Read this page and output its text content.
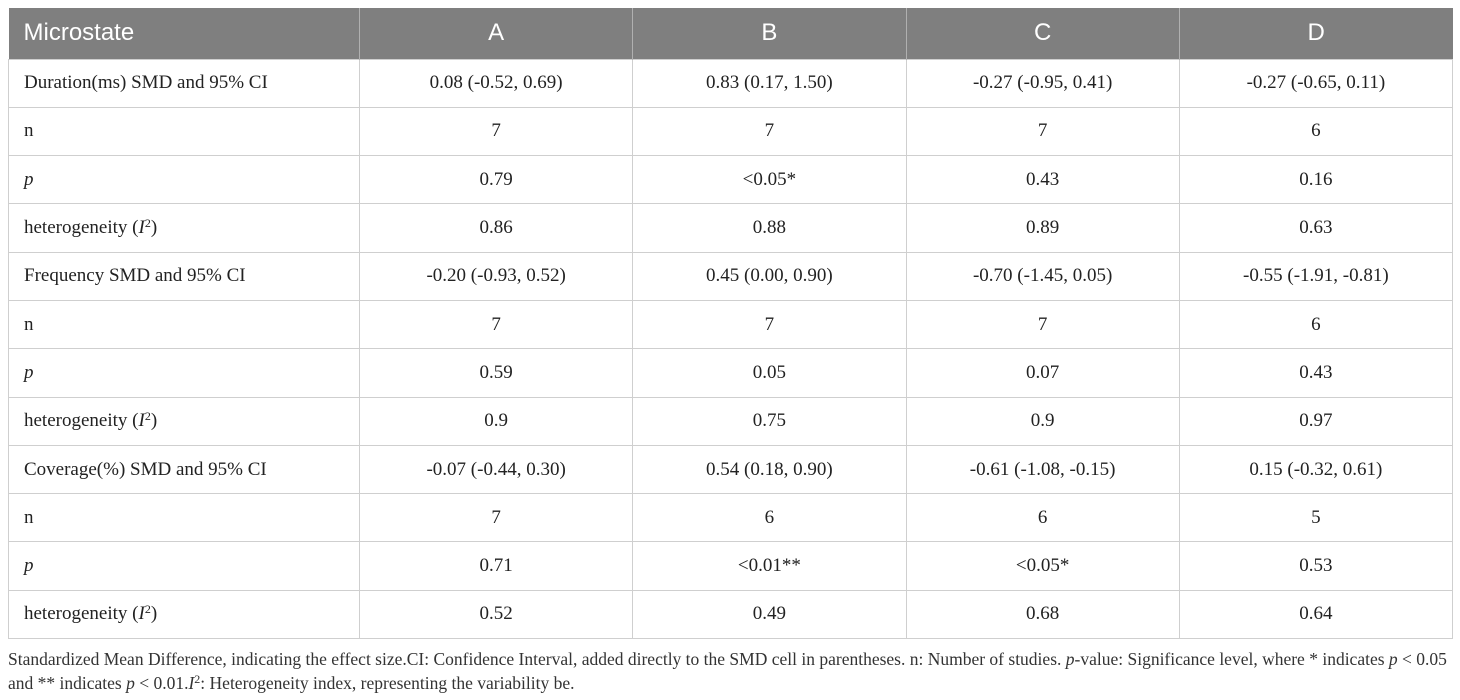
Microstate	A	B	C	D
Duration(ms) SMD and 95% CI	0.08 (-0.52, 0.69)	0.83 (0.17, 1.50)	-0.27 (-0.95, 0.41)	-0.27 (-0.65, 0.11)
n	7	7	7	6
p	0.79	<0.05*	0.43	0.16
heterogeneity $(I^2)$	0.86	0.88	0.89	0.63
Frequency SMD and 95% CI	-0.20 (-0.93, 0.52)	0.45 (0.00, 0.90)	-0.70 (-1.45, 0.05)	-0.55 (-1.91, -0.81)
n	7	7	7	6
p	0.59	0.05	0.07	0.43
heterogeneity $(I^2)$	0.9	0.75	0.9	0.97
Coverage(%) SMD and 95% CI	-0.07 (-0.44, 0.30)	0.54 (0.18, 0.90)	-0.61 (-1.08, -0.15)	0.15 (-0.32, 0.61)
n	7	6	6	5
p	0.71	<0.01**	<0.05*	0.53
heterogeneity $(I^2)$	0.52	0.49	0.68	0.64
Standardized Mean Difference, indicating the effect size.CI: Confidence Interval, added directly to the SMD cell in parentheses. n: Number of studies. p-value: Significance level, where * indicates p < 0.05 and ** indicates $p < 0.01.I^2$: Heterogeneity index, representing the variability be.
